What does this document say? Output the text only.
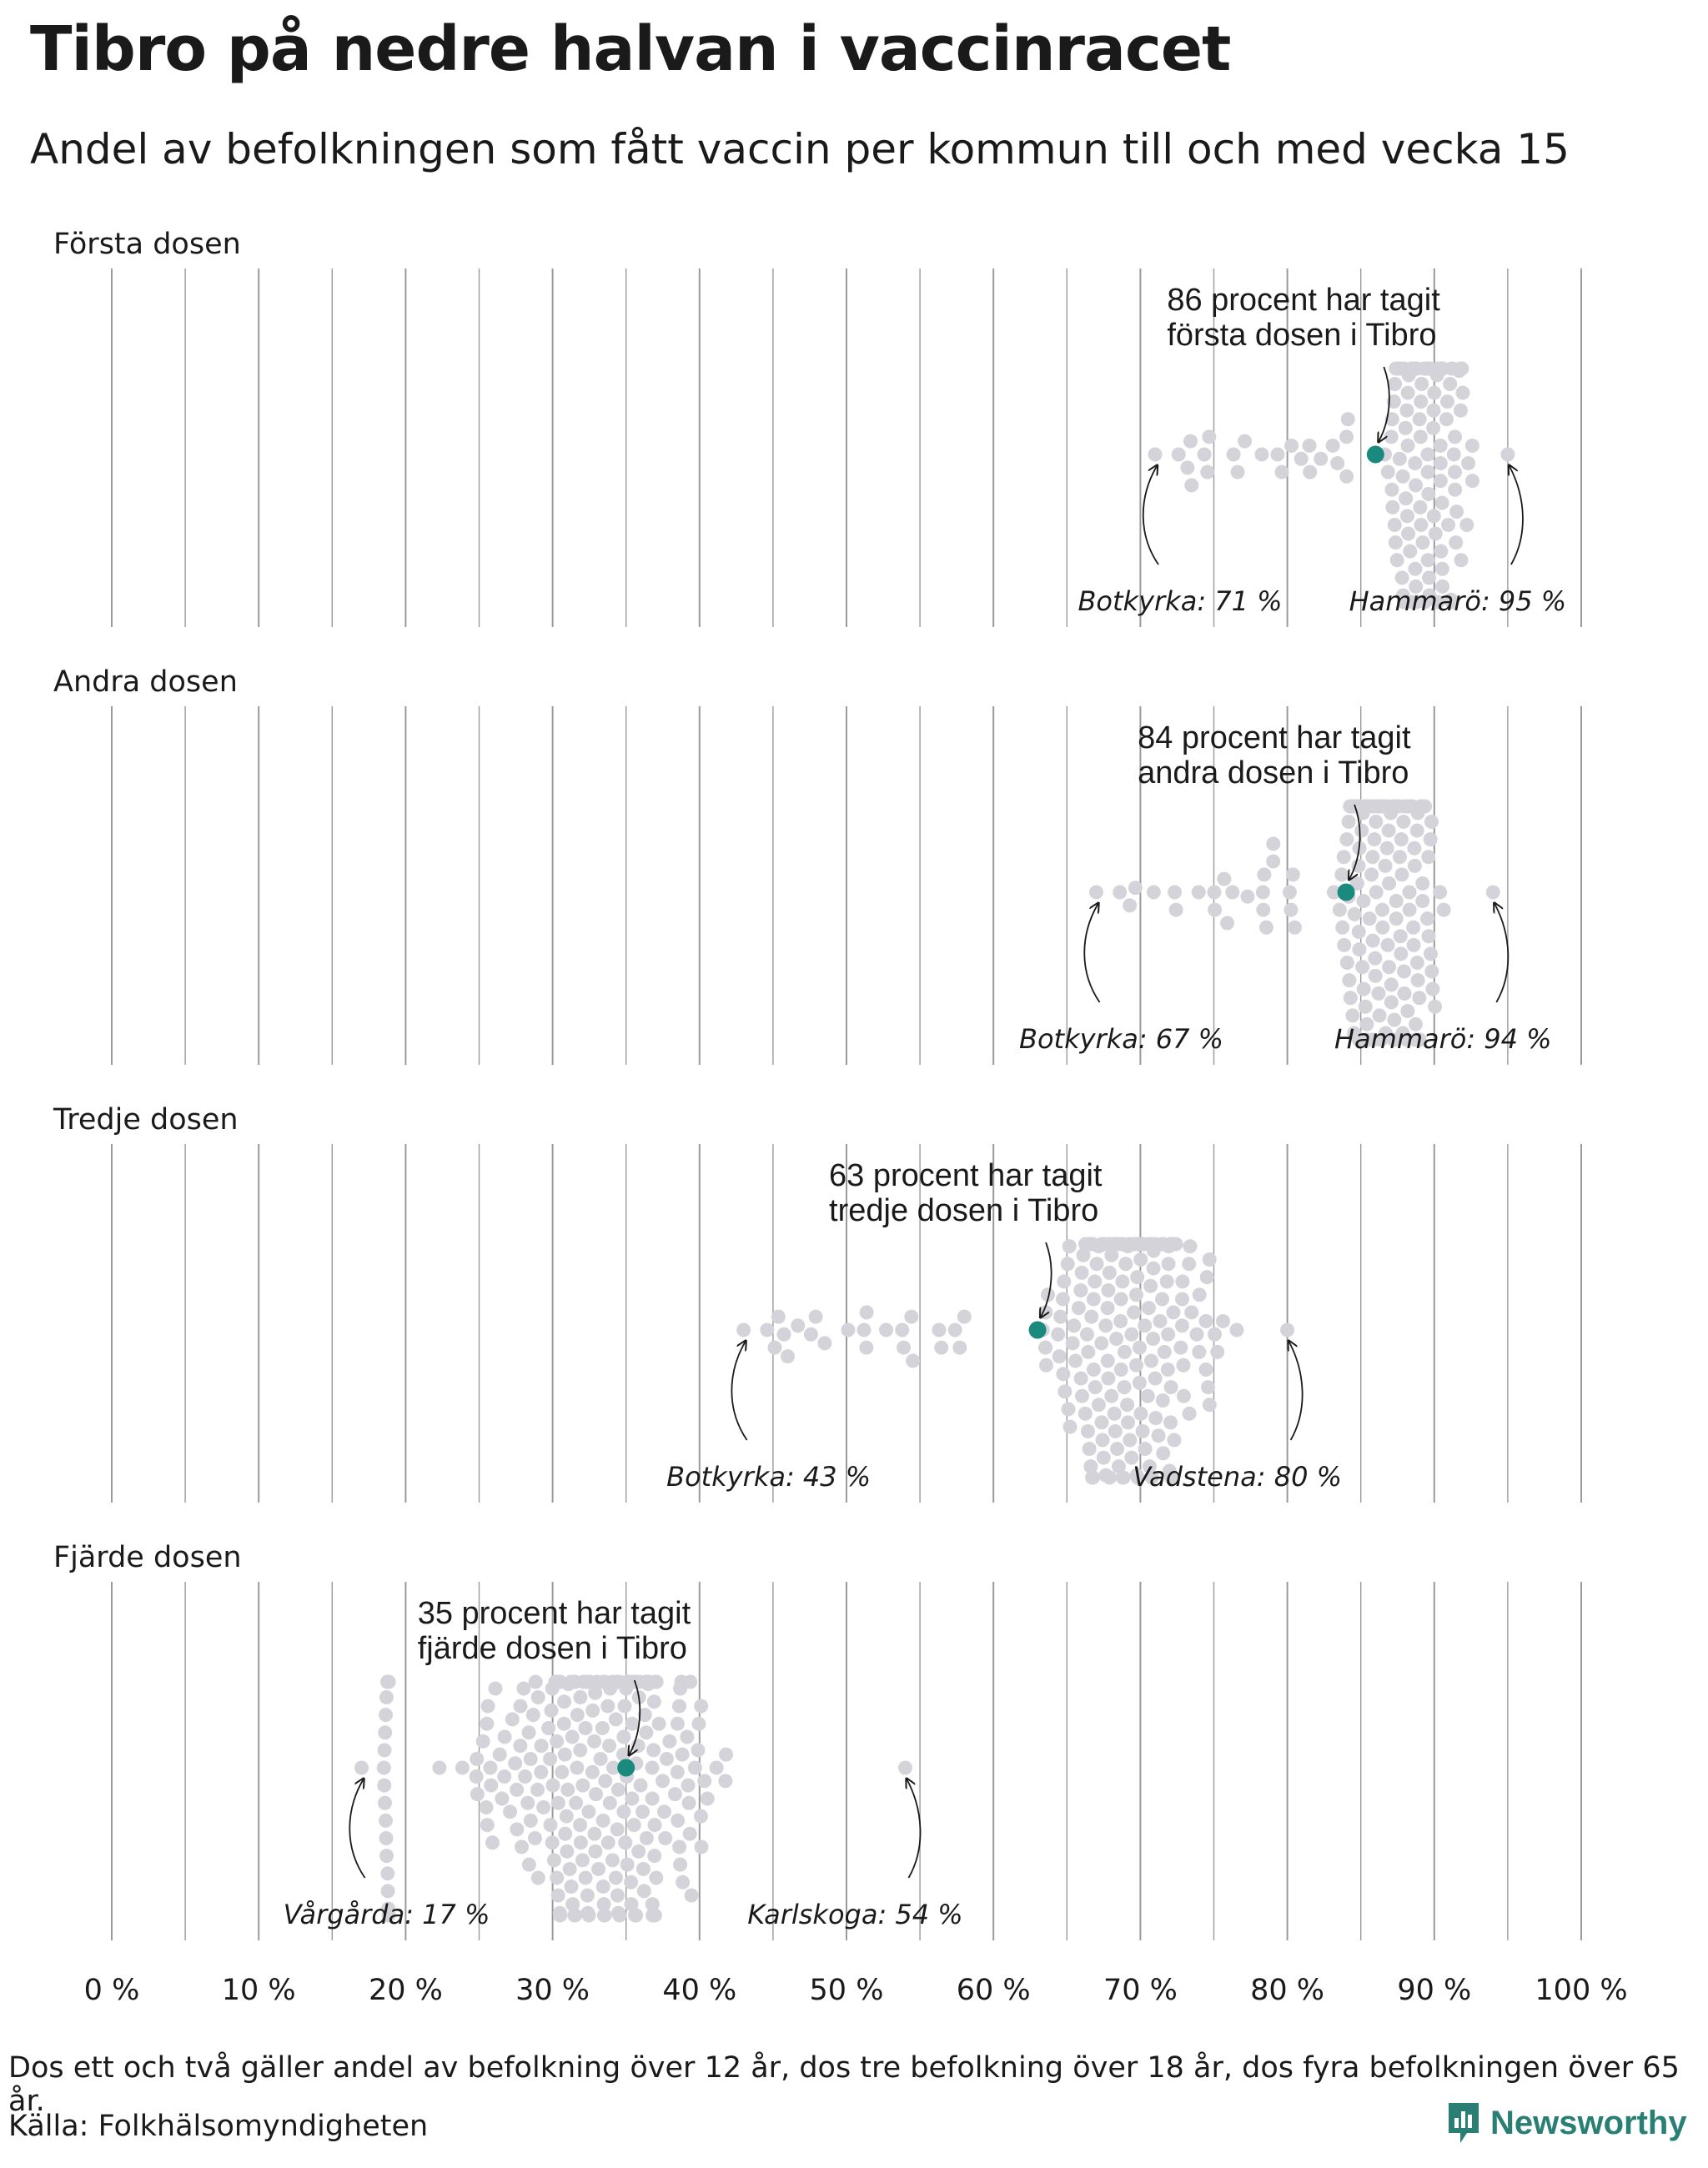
Tibro på nedre halvan i vaccinracet
Andel av befolkningen som fått vaccin per kommun till och med vecka 15
Första dosen
86 procent har tagit första dosen i Tibro
Botkyrka: 71 %	Hammarö: 95 %
Andra dosen
84 procent har tagit andra dosen i Tibro
Botkyrka: 67 %	Hammarö: 94 %
Tredje dosen
63 procent har tagit tredje dosen i Tibro
Botkyrka: 43 %	Vadstena: 80 %
Fjärde dosen
35 procent har tagit fjärde dosen i Tibro
Vårgårda: 17 %	Karlskoga: 54 %
0 %	10 % 20 % 30 % 40 % 50 % 60 % 70 % 80 % 90 % 100 %
Dos ett och två gäller andel av befolkning över 12 år, dos tre befolkning över 18 år, dos fyra befolkningen över 65 år.
Källa: Folkhälsomyndigheten	Newsworthy
